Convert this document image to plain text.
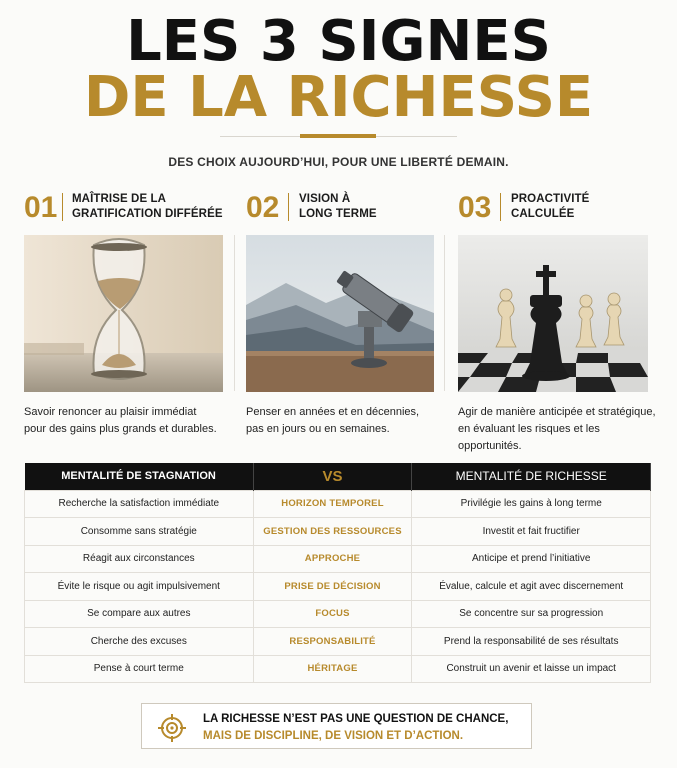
LES 3 SIGNES
DE LA RICHESSE
DES CHOIX AUJOURD’HUI, POUR UNE LIBERTÉ DEMAIN.
01 MAÎTRISE DE LA
GRATIFICATION DIFFÉRÉE
Savoir renoncer au plaisir immédiat
pour des gains plus grands et durables.
02 VISION À
LONG TERME
Penser en années et en décennies,
pas en jours ou en semaines.
03 PROACTIVITÉ
CALCULÉE
Agir de manière anticipée et stratégique,
en évaluant les risques et les opportunités.
MENTALITÉ DE STAGNATION	VS	MENTALITÉ DE RICHESSE
Recherche la satisfaction immédiate	HORIZON TEMPOREL	Privilégie les gains à long terme
Consomme sans stratégie	GESTION DES RESSOURCES	Investit et fait fructifier
Réagit aux circonstances	APPROCHE	Anticipe et prend l’initiative
Évite le risque ou agit impulsivement	PRISE DE DÉCISION	Évalue, calcule et agit avec discernement
Se compare aux autres	FOCUS	Se concentre sur sa progression
Cherche des excuses	RESPONSABILITÉ	Prend la responsabilité de ses résultats
Pense à court terme	HÉRITAGE	Construit un avenir et laisse un impact
LA RICHESSE N’EST PAS UNE QUESTION DE CHANCE,
MAIS DE DISCIPLINE, DE VISION ET D’ACTION.
